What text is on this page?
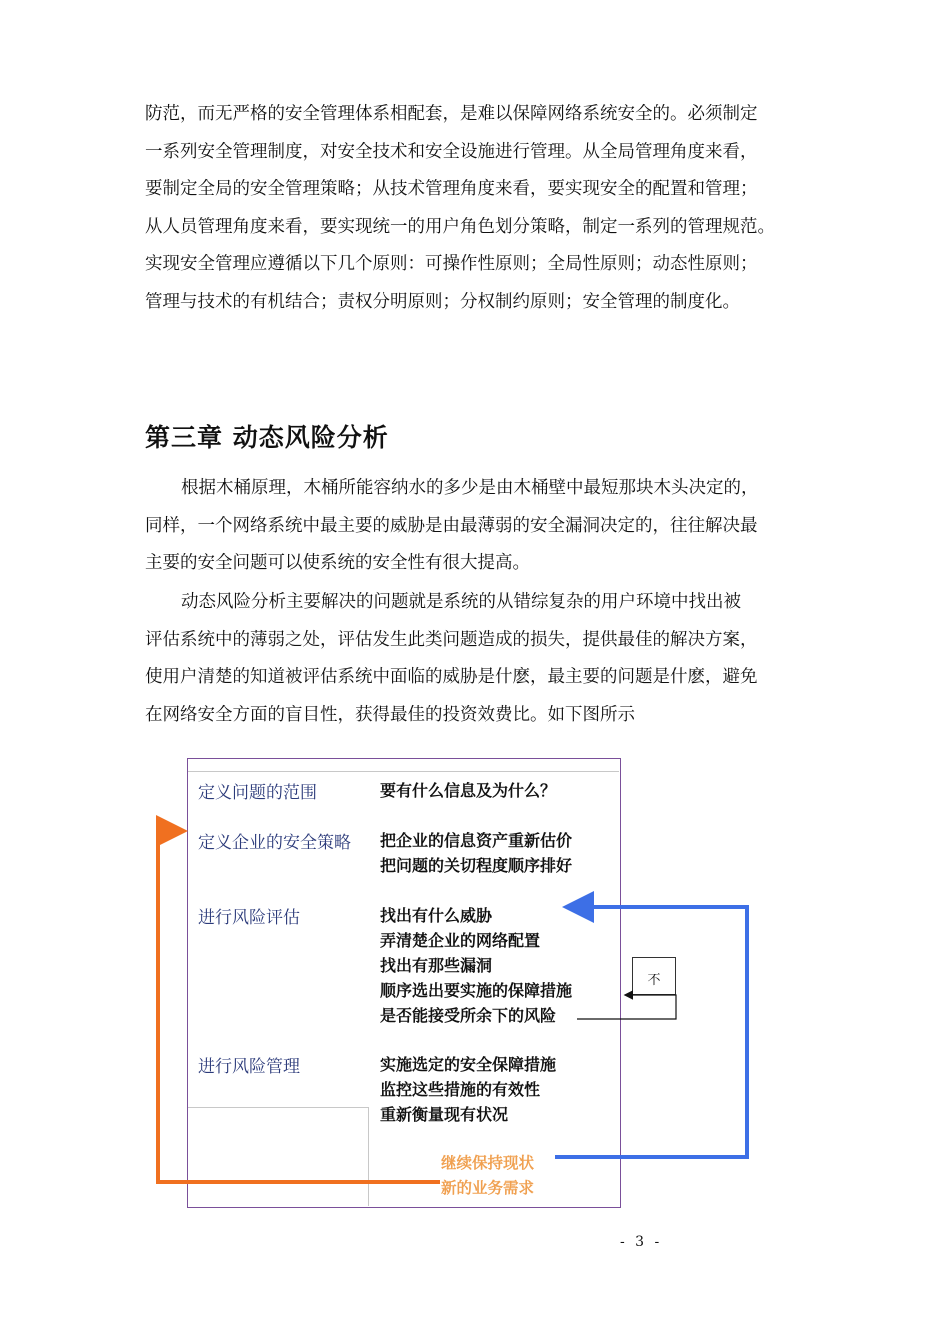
防范，而无严格的安全管理体系相配套，是难以保障网络系统安全的。必须制定
一系列安全管理制度，对安全技术和安全设施进行管理。从全局管理角度来看，
要制定全局的安全管理策略；从技术管理角度来看，要实现安全的配置和管理；
从人员管理角度来看，要实现统一的用户角色划分策略，制定一系列的管理规范。
实现安全管理应遵循以下几个原则：可操作性原则；全局性原则；动态性原则；
管理与技术的有机结合；责权分明原则；分权制约原则；安全管理的制度化。
第三章 动态风险分析
根据木桶原理，木桶所能容纳水的多少是由木桶壁中最短那块木头决定的，
同样，一个网络系统中最主要的威胁是由最薄弱的安全漏洞决定的，往往解决最
主要的安全问题可以使系统的安全性有很大提高。
动态风险分析主要解决的问题就是系统的从错综复杂的用户环境中找出被
评估系统中的薄弱之处，评估发生此类问题造成的损失，提供最佳的解决方案，
使用户清楚的知道被评估系统中面临的威胁是什麽，最主要的问题是什麽，避免
在网络安全方面的盲目性，获得最佳的投资效费比。如下图所示
定义问题的范围
定义企业的安全策略
进行风险评估
进行风险管理
要有什么信息及为什么？
把企业的信息资产重新估价
把问题的关切程度顺序排好
找出有什么威胁
弄清楚企业的网络配置
找出有那些漏洞
顺序选出要实施的保障措施
是否能接受所余下的风险
实施选定的安全保障措施
监控这些措施的有效性
重新衡量现有状况
继续保持现状
新的业务需求
不
- 3 -
